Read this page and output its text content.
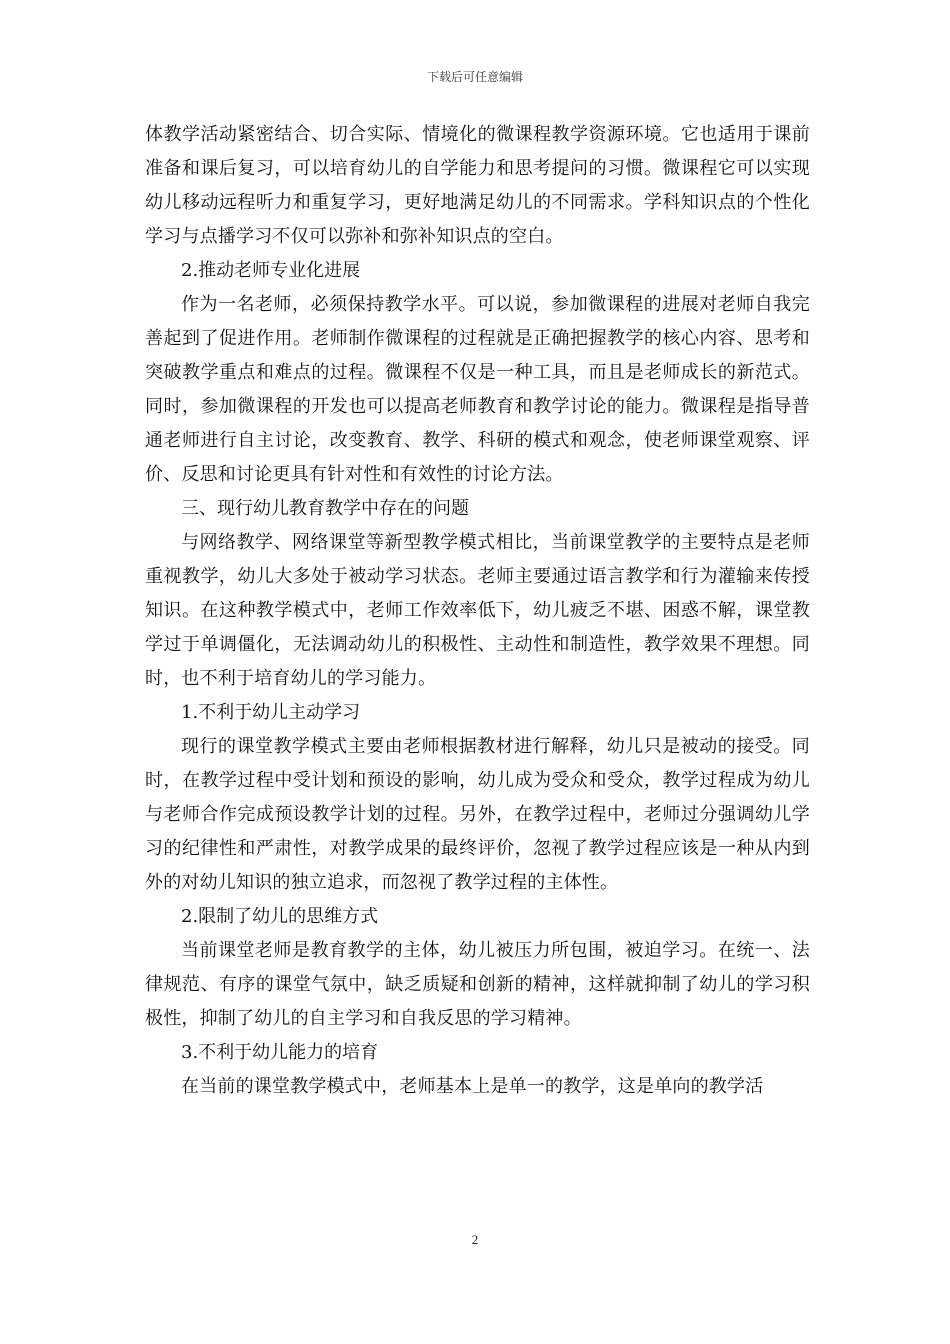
下载后可任意编辑

体教学活动紧密结合、切合实际、情境化的微课程教学资源环境。它也适用于课前准备和课后复习，可以培育幼儿的自学能力和思考提问的习惯。微课程它可以实现幼儿移动远程听力和重复学习，更好地满足幼儿的不同需求。学科知识点的个性化学习与点播学习不仅可以弥补和弥补知识点的空白。

2.推动老师专业化进展

作为一名老师，必须保持教学水平。可以说，参加微课程的进展对老师自我完善起到了促进作用。老师制作微课程的过程就是正确把握教学的核心内容、思考和突破教学重点和难点的过程。微课程不仅是一种工具，而且是老师成长的新范式。同时，参加微课程的开发也可以提高老师教育和教学讨论的能力。微课程是指导普通老师进行自主讨论，改变教育、教学、科研的模式和观念，使老师课堂观察、评价、反思和讨论更具有针对性和有效性的讨论方法。

三、现行幼儿教育教学中存在的问题

与网络教学、网络课堂等新型教学模式相比，当前课堂教学的主要特点是老师重视教学，幼儿大多处于被动学习状态。老师主要通过语言教学和行为灌输来传授知识。在这种教学模式中，老师工作效率低下，幼儿疲乏不堪、困惑不解，课堂教学过于单调僵化，无法调动幼儿的积极性、主动性和制造性，教学效果不理想。同时，也不利于培育幼儿的学习能力。

1.不利于幼儿主动学习

现行的课堂教学模式主要由老师根据教材进行解释，幼儿只是被动的接受。同时，在教学过程中受计划和预设的影响，幼儿成为受众和受众，教学过程成为幼儿与老师合作完成预设教学计划的过程。另外，在教学过程中，老师过分强调幼儿学习的纪律性和严肃性，对教学成果的最终评价，忽视了教学过程应该是一种从内到外的对幼儿知识的独立追求，而忽视了教学过程的主体性。

2.限制了幼儿的思维方式

当前课堂老师是教育教学的主体，幼儿被压力所包围，被迫学习。在统一、法律规范、有序的课堂气氛中，缺乏质疑和创新的精神，这样就抑制了幼儿的学习积极性，抑制了幼儿的自主学习和自我反思的学习精神。

3.不利于幼儿能力的培育

在当前的课堂教学模式中，老师基本上是单一的教学，这是单向的教学活

2
